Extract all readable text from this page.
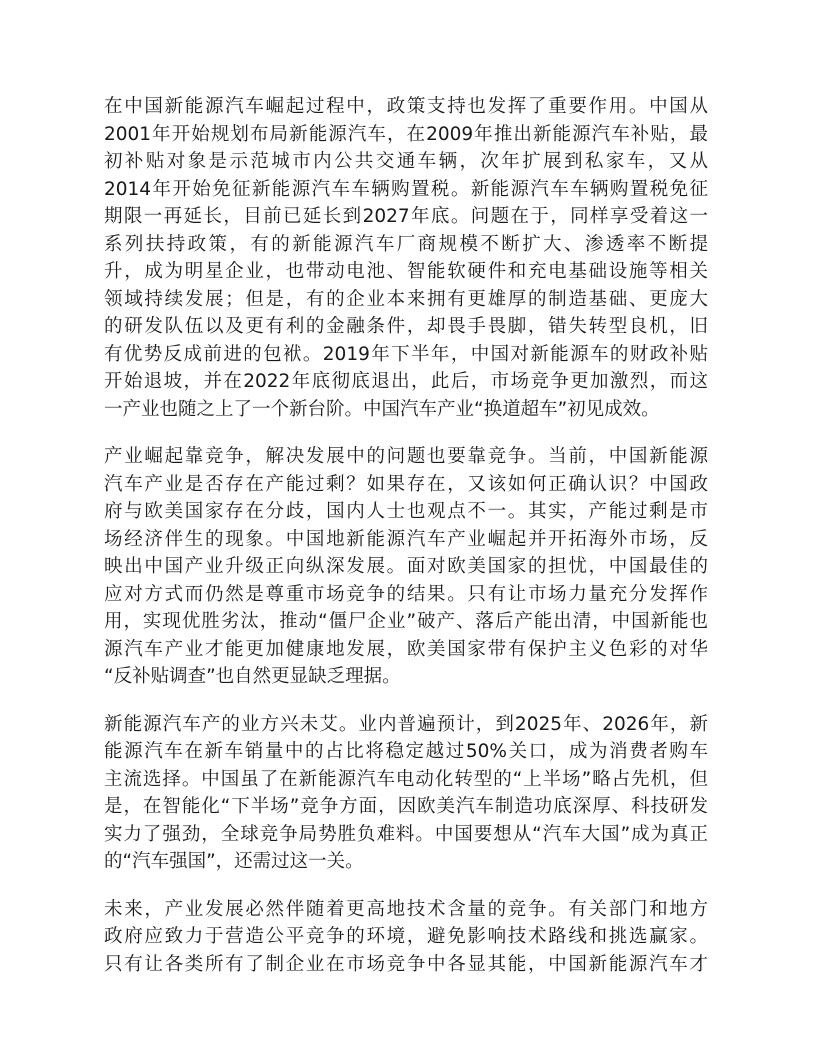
在中国新能源汽车崛起过程中，政策支持也发挥了重要作用。中国从
2001年开始规划布局新能源汽车，在2009年推出新能源汽车补贴，最
初补贴对象是示范城市内公共交通车辆，次年扩展到私家车，又从
2014年开始免征新能源汽车车辆购置税。新能源汽车车辆购置税免征
期限一再延长，目前已延长到2027年底。问题在于，同样享受着这一
系列扶持政策，有的新能源汽车厂商规模不断扩大、渗透率不断提
升，成为明星企业，也带动电池、智能软硬件和充电基础设施等相关
领域持续发展；但是，有的企业本来拥有更雄厚的制造基础、更庞大
的研发队伍以及更有利的金融条件，却畏手畏脚，错失转型良机，旧
有优势反成前进的包袱。2019年下半年，中国对新能源车的财政补贴
开始退坡，并在2022年底彻底退出，此后，市场竞争更加激烈，而这
一产业也随之上了一个新台阶。中国汽车产业“换道超车”初见成效。

产业崛起靠竞争，解决发展中的问题也要靠竞争。当前，中国新能源
汽车产业是否存在产能过剩？如果存在，又该如何正确认识？中国政
府与欧美国家存在分歧，国内人士也观点不一。其实，产能过剩是市
场经济伴生的现象。中国地新能源汽车产业崛起并开拓海外市场，反
映出中国产业升级正向纵深发展。面对欧美国家的担忧，中国最佳的
应对方式而仍然是尊重市场竞争的结果。只有让市场力量充分发挥作
用，实现优胜劣汰，推动“僵尸企业”破产、落后产能出清，中国新能也
源汽车产业才能更加健康地发展，欧美国家带有保护主义色彩的对华
“反补贴调查”也自然更显缺乏理据。

新能源汽车产的业方兴未艾。业内普遍预计，到2025年、2026年，新
能源汽车在新车销量中的占比将稳定越过50%关口，成为消费者购车
主流选择。中国虽了在新能源汽车电动化转型的“上半场”略占先机，但
是，在智能化“下半场”竞争方面，因欧美汽车制造功底深厚、科技研发
实力了强劲，全球竞争局势胜负难料。中国要想从“汽车大国”成为真正
的“汽车强国”，还需过这一关。

未来，产业发展必然伴随着更高地技术含量的竞争。有关部门和地方
政府应致力于营造公平竞争的环境，避免影响技术路线和挑选赢家。
只有让各类所有了制企业在市场竞争中各显其能，中国新能源汽车才
